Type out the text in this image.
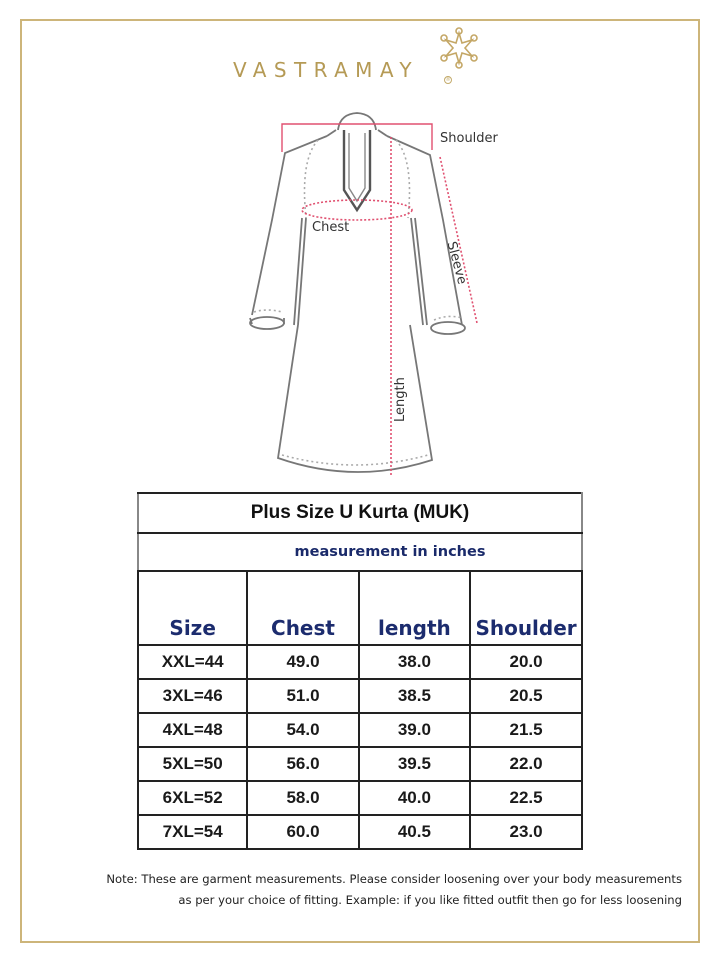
VASTRAMAY	®
Shoulder
Chest
Sleeve
Length
Plus Size U Kurta (MUK)			
measurement in inches			
Size	Chest	length	Shoulder
XXL=44	49.0	38.0	20.0
3XL=46	51.0	38.5	20.5
4XL=48	54.0	39.0	21.5
5XL=50	56.0	39.5	22.0
6XL=52	58.0	40.0	22.5
7XL=54	60.0	40.5	23.0
Note: These are garment measurements. Please consider loosening over your body measurements
as per your choice of fitting. Example: if you like fitted outfit then go for less loosening
